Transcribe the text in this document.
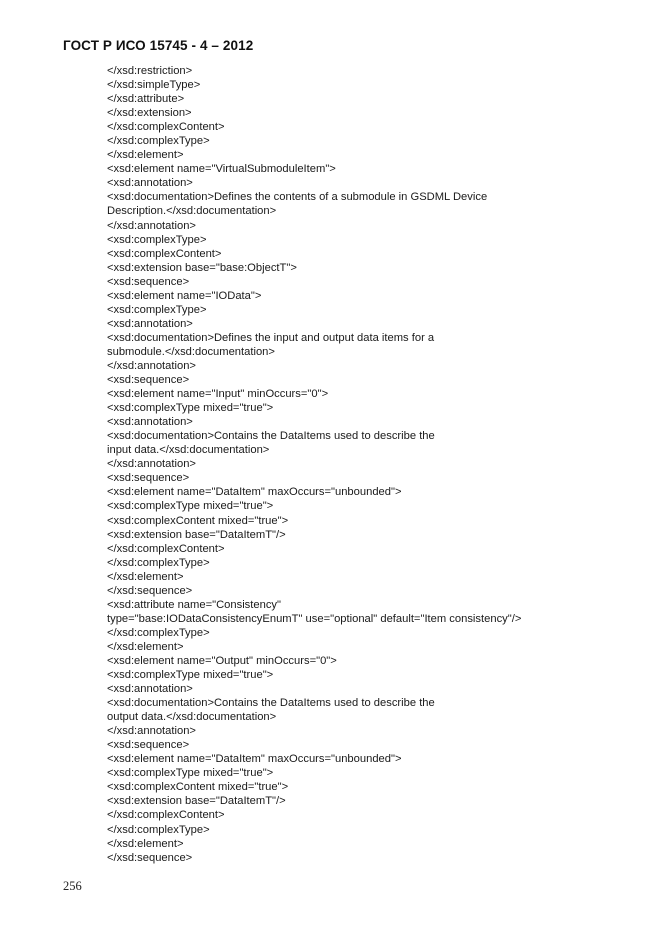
ГОСТ Р ИСО 15745 - 4 – 2012
</xsd:restriction>
</xsd:simpleType>
</xsd:attribute>
</xsd:extension>
</xsd:complexContent>
</xsd:complexType>
</xsd:element>
<xsd:element name="VirtualSubmoduleItem">
<xsd:annotation>
<xsd:documentation>Defines the contents of a submodule in GSDML Device
Description.</xsd:documentation>
</xsd:annotation>
<xsd:complexType>
<xsd:complexContent>
<xsd:extension base="base:ObjectT">
<xsd:sequence>
<xsd:element name="IOData">
<xsd:complexType>
<xsd:annotation>
<xsd:documentation>Defines the input and output data items for a
submodule.</xsd:documentation>
</xsd:annotation>
<xsd:sequence>
<xsd:element name="Input" minOccurs="0">
<xsd:complexType mixed="true">
<xsd:annotation>
<xsd:documentation>Contains the DataItems used to describe the
input data.</xsd:documentation>
</xsd:annotation>
<xsd:sequence>
<xsd:element name="DataItem" maxOccurs="unbounded">
<xsd:complexType mixed="true">
<xsd:complexContent mixed="true">
<xsd:extension base="DataItemT"/>
</xsd:complexContent>
</xsd:complexType>
</xsd:element>
</xsd:sequence>
<xsd:attribute name="Consistency"
type="base:IODataConsistencyEnumT" use="optional" default="Item consistency"/>
</xsd:complexType>
</xsd:element>
<xsd:element name="Output" minOccurs="0">
<xsd:complexType mixed="true">
<xsd:annotation>
<xsd:documentation>Contains the DataItems used to describe the
output data.</xsd:documentation>
</xsd:annotation>
<xsd:sequence>
<xsd:element name="DataItem" maxOccurs="unbounded">
<xsd:complexType mixed="true">
<xsd:complexContent mixed="true">
<xsd:extension base="DataItemT"/>
</xsd:complexContent>
</xsd:complexType>
</xsd:element>
</xsd:sequence>
256
